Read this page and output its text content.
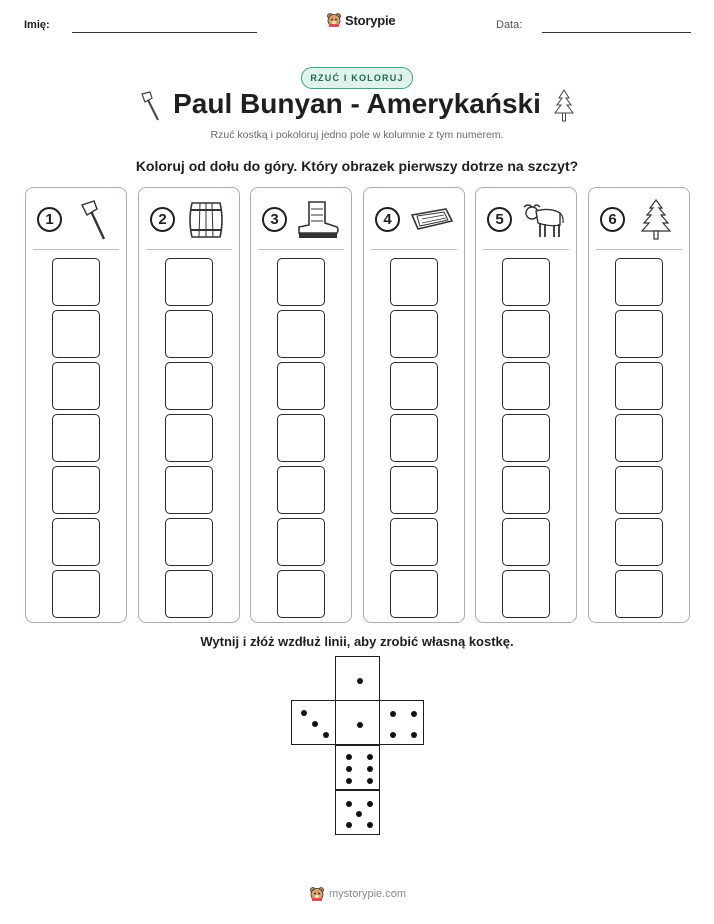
Imię:	Storypie	Data:
RZUĆ I KOLORUJ
Paul Bunyan - Amerykański
Rzuć kostką i pokoloruj jedno pole w kolumnie z tym numerem.
Koloruj od dołu do góry. Który obrazek pierwszy dotrze na szczyt?
1	2	3	4	5	6
Wytnij i złóż wzdłuż linii, aby zrobić własną kostkę.
mystorypie.com
